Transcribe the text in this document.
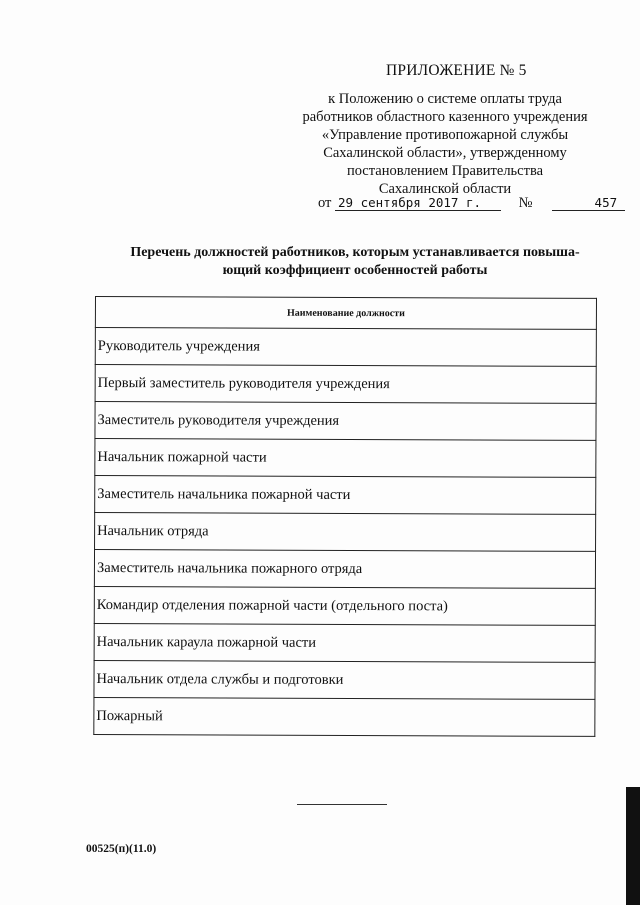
ПРИЛОЖЕНИЕ № 5
к Положению о системе оплаты труда
работников областного казенного учреждения
«Управление противопожарной службы
Сахалинской области», утвержденному
постановлением Правительства
Сахалинской области
от 29 сентября 2017 г.	№	457
Перечень должностей работников, которым устанавливается повыша-
ющий коэффициент особенностей работы
Наименование должности
Руководитель учреждения
Первый заместитель руководителя учреждения
Заместитель руководителя учреждения
Начальник пожарной части
Заместитель начальника пожарной части
Начальник отряда
Заместитель начальника пожарного отряда
Командир отделения пожарной части (отдельного поста)
Начальник караула пожарной части
Начальник отдела службы и подготовки
Пожарный
00525(п)(11.0)
